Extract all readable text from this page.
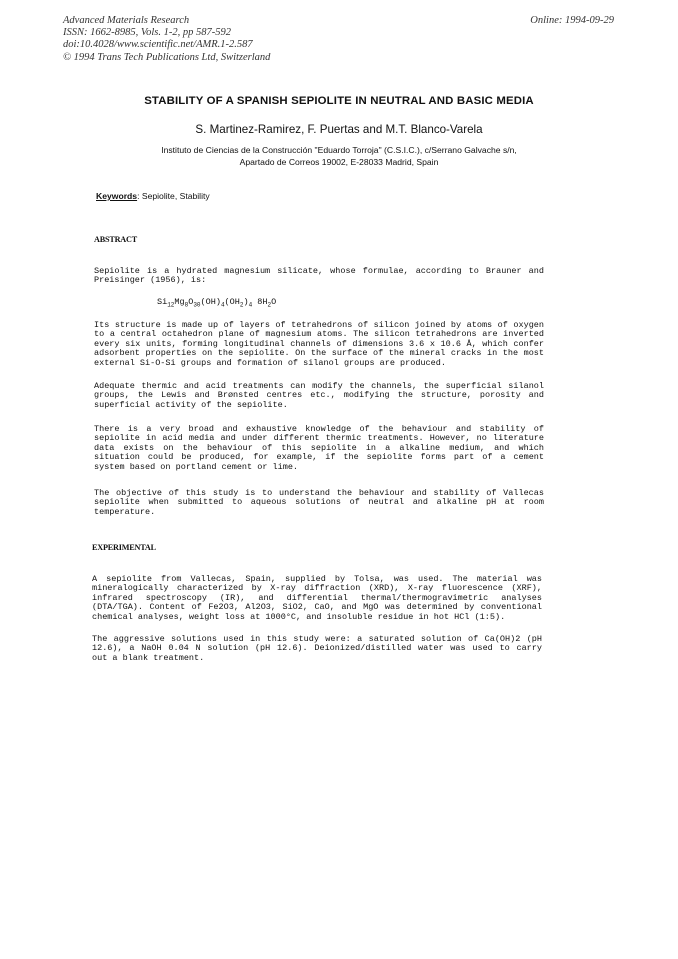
Advanced Materials Research
ISSN: 1662-8985, Vols. 1-2, pp 587-592
doi:10.4028/www.scientific.net/AMR.1-2.587
© 1994 Trans Tech Publications Ltd, Switzerland
Online: 1994-09-29
STABILITY OF A SPANISH SEPIOLITE IN NEUTRAL AND BASIC MEDIA
S. Martinez-Ramirez, F. Puertas and M.T. Blanco-Varela
Instituto de Ciencias de la Construcción "Eduardo Torroja" (C.S.I.C.), c/Serrano Galvache s/n,
Apartado de Correos 19002, E-28033 Madrid, Spain
Keywords: Sepiolite, Stability
ABSTRACT
Sepiolite is a hydrated magnesium silicate, whose formulae, according to Brauner and
Preisinger (1956), is:
$Si_{12}Mg_8O_{30}(OH)_4(OH_2)_4$ $8H_2O$
Its structure is made up of layers of tetrahedrons of silicon joined by atoms of oxygen
to a central octahedron plane of magnesium atoms. The silicon tetrahedrons are inverted
every six units, forming longitudinal channels of dimensions 3.6 x 10.6 Å, which confer
adsorbent properties on the sepiolite. On the surface of the mineral cracks in the most
external Si-O-Si groups and formation of silanol groups are produced.
Adequate thermic and acid treatments can modify the channels, the superficial silanol
groups, the Lewis and Brønsted centres etc., modifying the structure, porosity and
superficial activity of the sepiolite.
There is a very broad and exhaustive knowledge of the behaviour and stability of
sepiolite in acid media and under different thermic treatments. However, no literature
data exists on the behaviour of this sepiolite in a alkaline medium, and which
situation could be produced, for example, if the sepiolite forms part of a cement
system based on portland cement or lime.
The objective of this study is to understand the behaviour and stability of Vallecas
sepiolite when submitted to aqueous solutions of neutral and alkaline pH at room
temperature.
EXPERIMENTAL
A sepiolite from Vallecas, Spain, supplied by Tolsa, was used. The material was
mineralogically characterized by X-ray diffraction (XRD), X-ray fluorescence (XRF),
infrared spectroscopy (IR), and differential thermal/thermogravimetric analyses
(DTA/TGA). Content of Fe2O3, Al2O3, SiO2, CaO, and MgO was determined by conventional
chemical analyses, weight loss at 1000°C, and insoluble residue in hot HCl (1:5).
The aggressive solutions used in this study were: a saturated solution of Ca(OH)2 (pH
12.6), a NaOH 0.04 N solution (pH 12.6). Deionized/distilled water was used to carry
out a blank treatment.
